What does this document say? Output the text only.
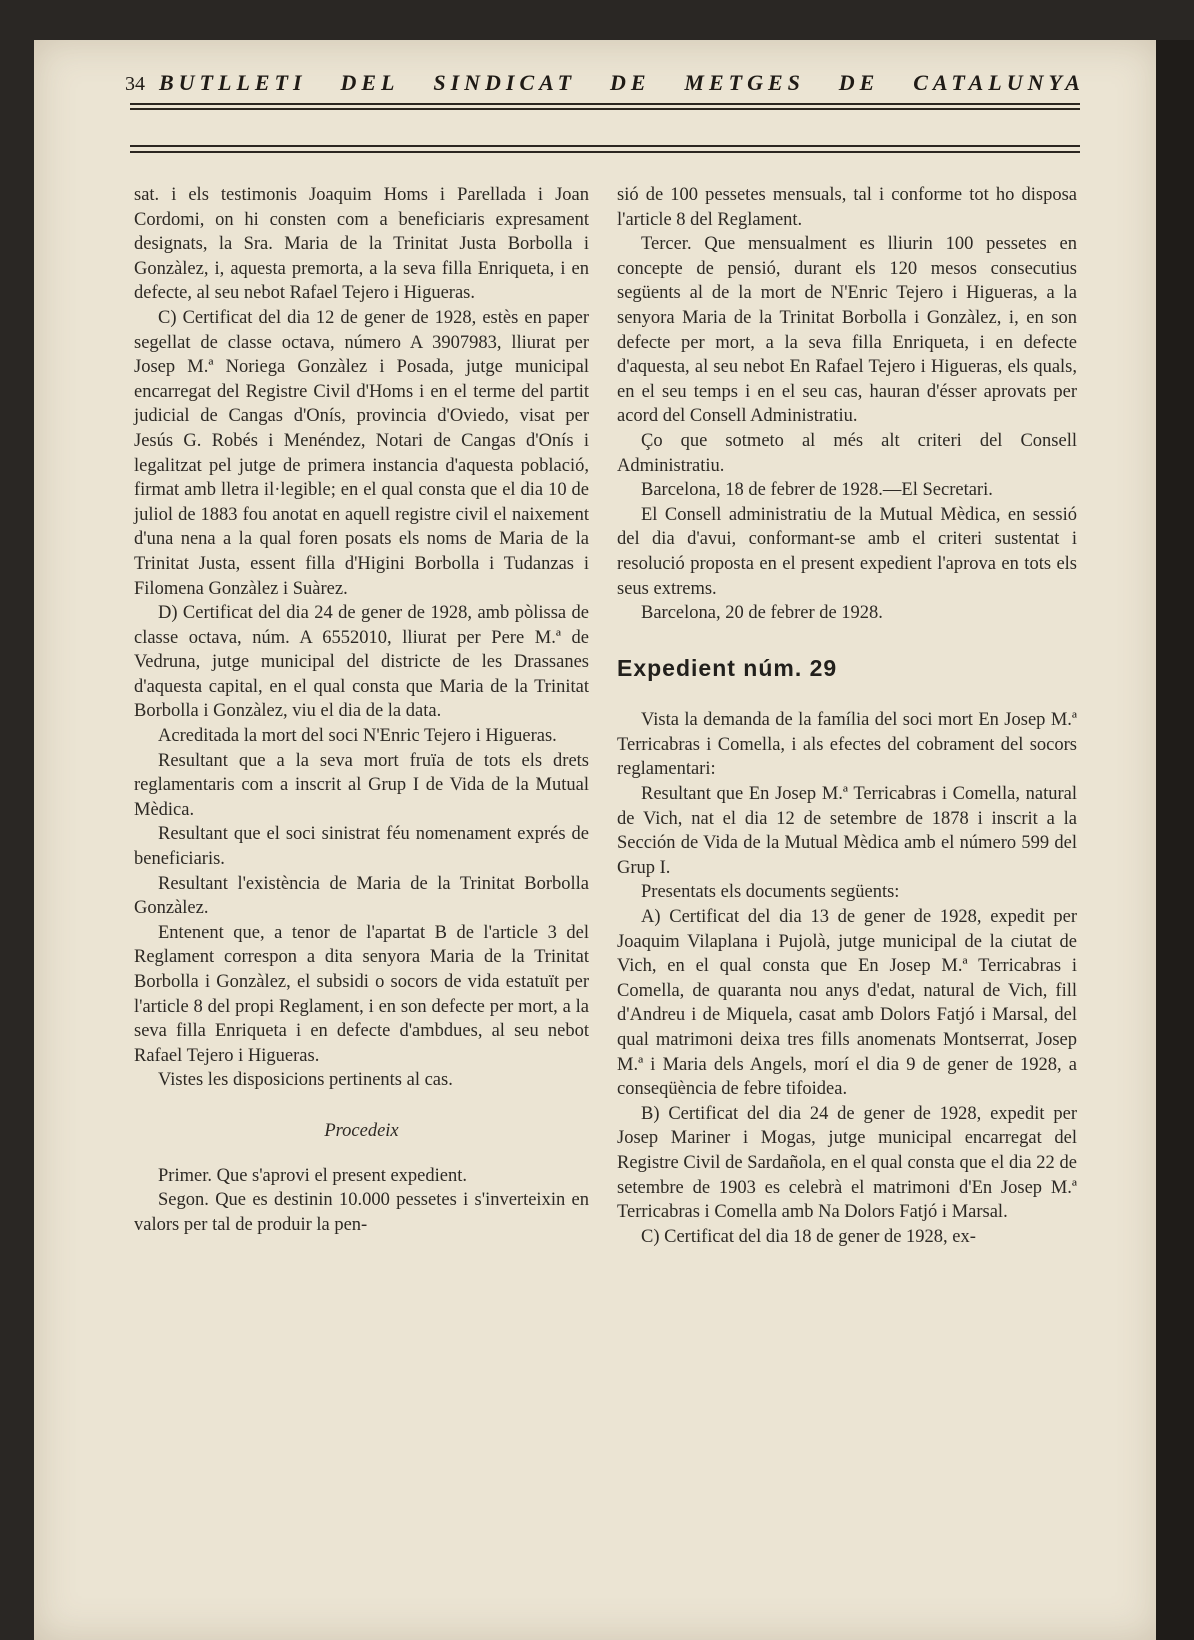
34 BUTLLETI DEL SINDICAT DE METGES DE CATALUNYA

sat. i els testimonis Joaquim Homs i Parellada i Joan Cordomi, on hi consten com a beneficiaris expresament designats, la Sra. Maria de la Trinitat Justa Borbolla i Gonzàlez, i, aquesta premorta, a la seva filla Enriqueta, i en defecte, al seu nebot Rafael Tejero i Higueras.

C) Certificat del dia 12 de gener de 1928, estès en paper segellat de classe octava, número A 3907983, lliurat per Josep M.ª Noriega Gonzàlez i Posada, jutge municipal encarregat del Registre Civil d'Homs i en el terme del partit judicial de Cangas d'Onís, provincia d'Oviedo, visat per Jesús G. Robés i Menéndez, Notari de Cangas d'Onís i legalitzat pel jutge de primera instancia d'aquesta població, firmat amb lletra il·legible; en el qual consta que el dia 10 de juliol de 1883 fou anotat en aquell registre civil el naixement d'una nena a la qual foren posats els noms de Maria de la Trinitat Justa, essent filla d'Higini Borbolla i Tudanzas i Filomena Gonzàlez i Suàrez.

D) Certificat del dia 24 de gener de 1928, amb pòlissa de classe octava, núm. A 6552010, lliurat per Pere M.ª de Vedruna, jutge municipal del districte de les Drassanes d'aquesta capital, en el qual consta que Maria de la Trinitat Borbolla i Gonzàlez, viu el dia de la data.

Acreditada la mort del soci N'Enric Tejero i Higueras.

Resultant que a la seva mort fruïa de tots els drets reglamentaris com a inscrit al Grup I de Vida de la Mutual Mèdica.

Resultant que el soci sinistrat féu nomenament exprés de beneficiaris.

Resultant l'existència de Maria de la Trinitat Borbolla Gonzàlez.

Entenent que, a tenor de l'apartat B de l'article 3 del Reglament correspon a dita senyora Maria de la Trinitat Borbolla i Gonzàlez, el subsidi o socors de vida estatuït per l'article 8 del propi Reglament, i en son defecte per mort, a la seva filla Enriqueta i en defecte d'ambdues, al seu nebot Rafael Tejero i Higueras.

Vistes les disposicions pertinents al cas.

Procedeix

Primer. Que s'aprovi el present expedient.

Segon. Que es destinin 10.000 pessetes i s'inverteixin en valors per tal de produir la pen-

sió de 100 pessetes mensuals, tal i conforme tot ho disposa l'article 8 del Reglament.

Tercer. Que mensualment es lliurin 100 pessetes en concepte de pensió, durant els 120 mesos consecutius següents al de la mort de N'Enric Tejero i Higueras, a la senyora Maria de la Trinitat Borbolla i Gonzàlez, i, en son defecte per mort, a la seva filla Enriqueta, i en defecte d'aquesta, al seu nebot En Rafael Tejero i Higueras, els quals, en el seu temps i en el seu cas, hauran d'ésser aprovats per acord del Consell Administratiu.

Ço que sotmeto al més alt criteri del Consell Administratiu.

Barcelona, 18 de febrer de 1928.—El Secretari.

El Consell administratiu de la Mutual Mèdica, en sessió del dia d'avui, conformant-se amb el criteri sustentat i resolució proposta en el present expedient l'aprova en tots els seus extrems.

Barcelona, 20 de febrer de 1928.

Expedient núm. 29

Vista la demanda de la família del soci mort En Josep M.ª Terricabras i Comella, i als efectes del cobrament del socors reglamentari:

Resultant que En Josep M.ª Terricabras i Comella, natural de Vich, nat el dia 12 de setembre de 1878 i inscrit a la Sección de Vida de la Mutual Mèdica amb el número 599 del Grup I.

Presentats els documents següents:

A) Certificat del dia 13 de gener de 1928, expedit per Joaquim Vilaplana i Pujolà, jutge municipal de la ciutat de Vich, en el qual consta que En Josep M.ª Terricabras i Comella, de quaranta nou anys d'edat, natural de Vich, fill d'Andreu i de Miquela, casat amb Dolors Fatjó i Marsal, del qual matrimoni deixa tres fills anomenats Montserrat, Josep M.ª i Maria dels Angels, morí el dia 9 de gener de 1928, a conseqüència de febre tifoidea.

B) Certificat del dia 24 de gener de 1928, expedit per Josep Mariner i Mogas, jutge municipal encarregat del Registre Civil de Sardañola, en el qual consta que el dia 22 de setembre de 1903 es celebrà el matrimoni d'En Josep M.ª Terricabras i Comella amb Na Dolors Fatjó i Marsal.

C) Certificat del dia 18 de gener de 1928, ex-
